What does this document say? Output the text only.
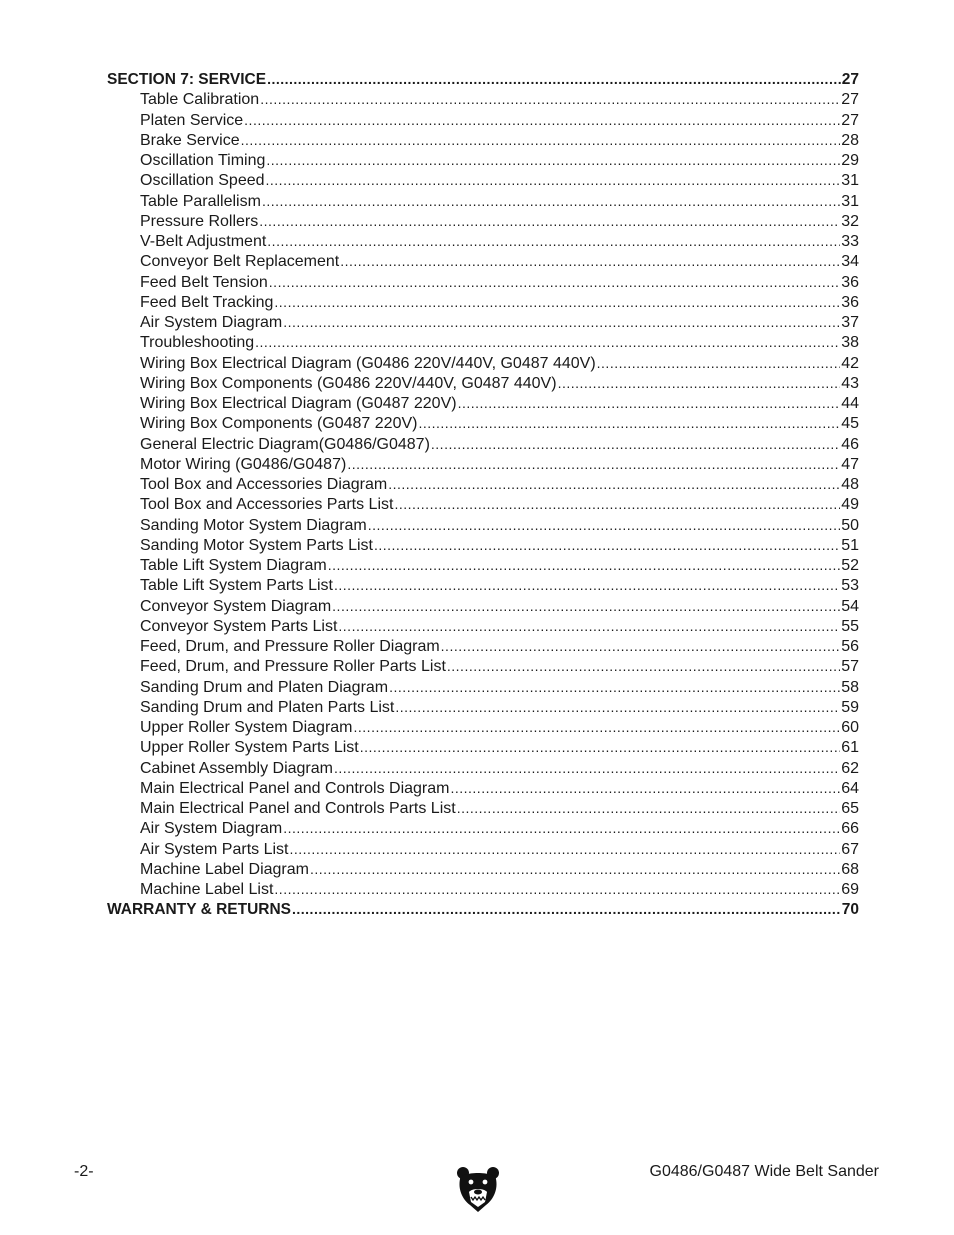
SECTION 7: SERVICE .....	27
Table Calibration .....	27
Platen Service .....	27
Brake Service .....	28
Oscillation Timing .....	29
Oscillation Speed .....	31
Table Parallelism .....	31
Pressure Rollers .....	32
V-Belt Adjustment .....	33
Conveyor Belt Replacement .....	34
Feed Belt Tension .....	36
Feed Belt Tracking .....	36
Air System Diagram .....	37
Troubleshooting .....	38
Wiring Box Electrical Diagram (G0486 220V/440V, G0487 440V) .....	42
Wiring Box Components (G0486 220V/440V, G0487 440V) .....	43
Wiring Box Electrical Diagram (G0487 220V) .....	44
Wiring Box Components (G0487 220V) .....	45
General Electric Diagram(G0486/G0487) .....	46
Motor Wiring (G0486/G0487) .....	47
Tool Box and Accessories Diagram .....	48
Tool Box and Accessories Parts List .....	49
Sanding Motor System Diagram .....	50
Sanding Motor System Parts List .....	51
Table Lift System Diagram .....	52
Table Lift System Parts List .....	53
Conveyor System Diagram .....	54
Conveyor System Parts List .....	55
Feed, Drum, and Pressure Roller Diagram .....	56
Feed, Drum, and Pressure Roller Parts List .....	57
Sanding Drum and Platen Diagram .....	58
Sanding Drum and Platen Parts List .....	59
Upper Roller System Diagram .....	60
Upper Roller System Parts List .....	61
Cabinet Assembly Diagram .....	62
Main Electrical Panel and Controls Diagram .....	64
Main Electrical Panel and Controls Parts List .....	65
Air System Diagram .....	66
Air System Parts List .....	67
Machine Label Diagram .....	68
Machine Label List .....	69
WARRANTY & RETURNS .....	70
-2-	G0486/G0487 Wide Belt Sander
